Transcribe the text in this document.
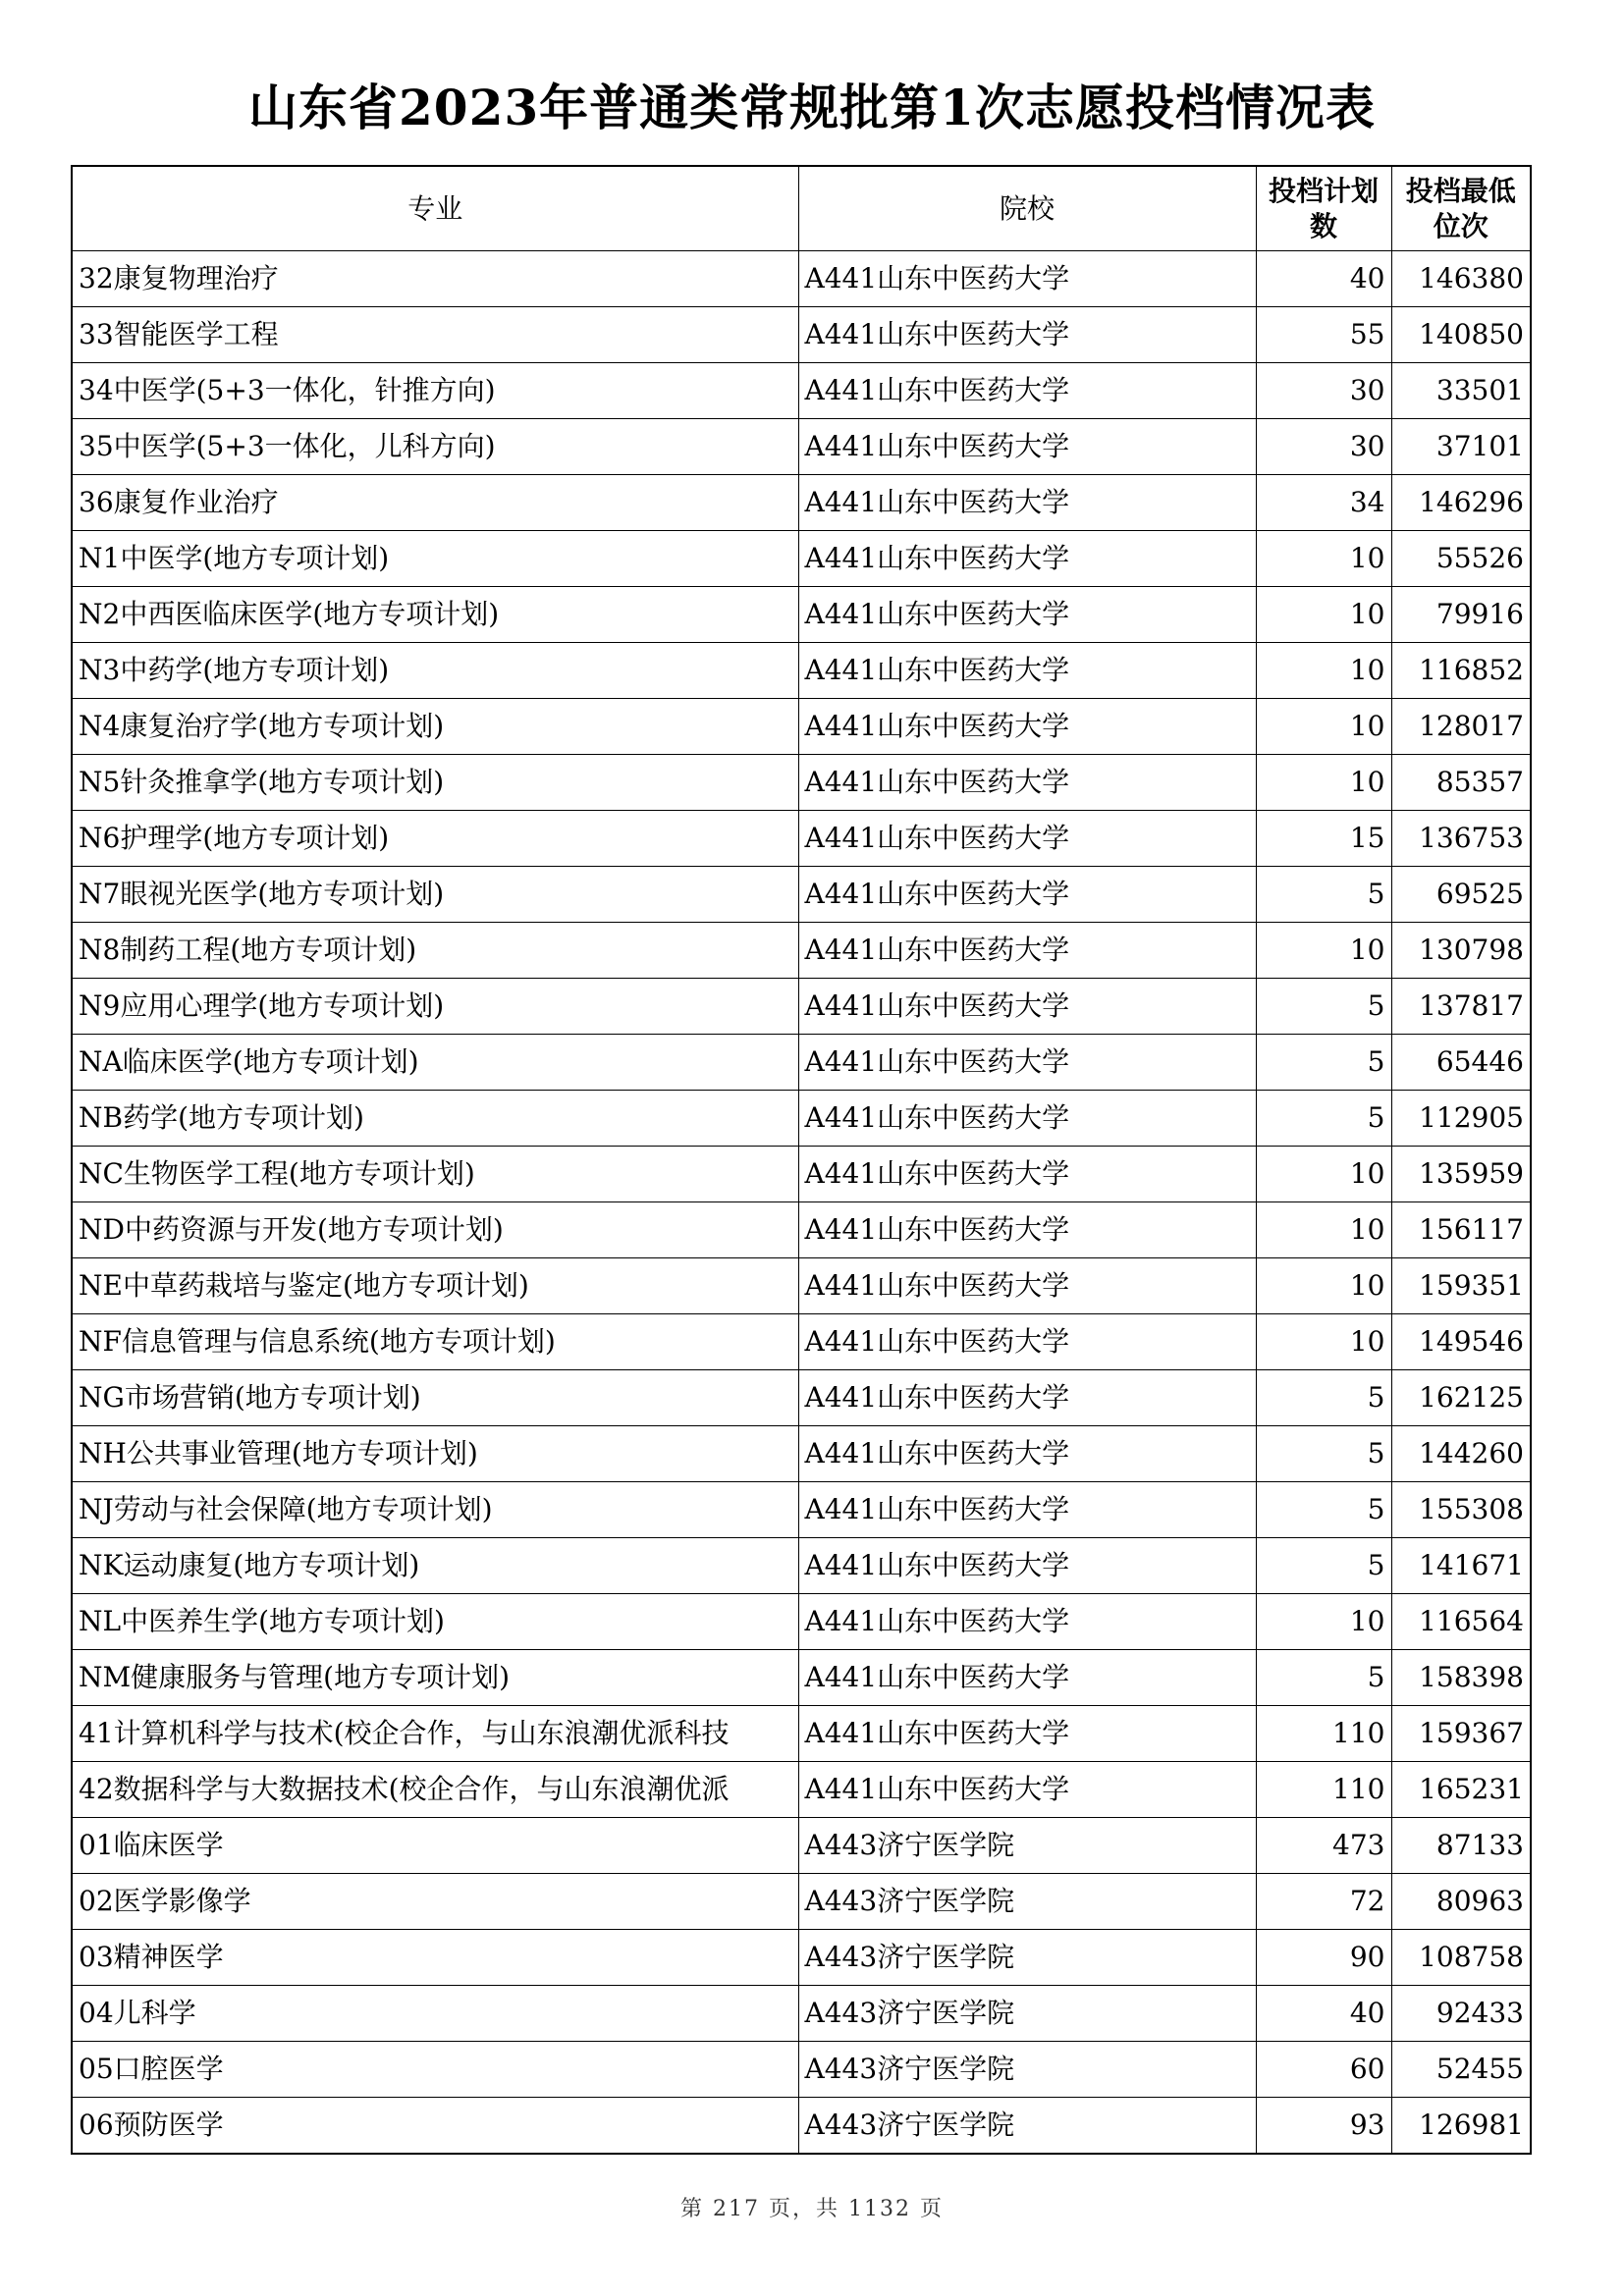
山东省2023年普通类常规批第1次志愿投档情况表
专业	院校	投档计划数	投档最低位次
32康复物理治疗	A441山东中医药大学	40	146380
33智能医学工程	A441山东中医药大学	55	140850
34中医学(5+3一体化，针推方向)	A441山东中医药大学	30	33501
35中医学(5+3一体化，儿科方向)	A441山东中医药大学	30	37101
36康复作业治疗	A441山东中医药大学	34	146296
N1中医学(地方专项计划)	A441山东中医药大学	10	55526
N2中西医临床医学(地方专项计划)	A441山东中医药大学	10	79916
N3中药学(地方专项计划)	A441山东中医药大学	10	116852
N4康复治疗学(地方专项计划)	A441山东中医药大学	10	128017
N5针灸推拿学(地方专项计划)	A441山东中医药大学	10	85357
N6护理学(地方专项计划)	A441山东中医药大学	15	136753
N7眼视光医学(地方专项计划)	A441山东中医药大学	5	69525
N8制药工程(地方专项计划)	A441山东中医药大学	10	130798
N9应用心理学(地方专项计划)	A441山东中医药大学	5	137817
NA临床医学(地方专项计划)	A441山东中医药大学	5	65446
NB药学(地方专项计划)	A441山东中医药大学	5	112905
NC生物医学工程(地方专项计划)	A441山东中医药大学	10	135959
ND中药资源与开发(地方专项计划)	A441山东中医药大学	10	156117
NE中草药栽培与鉴定(地方专项计划)	A441山东中医药大学	10	159351
NF信息管理与信息系统(地方专项计划)	A441山东中医药大学	10	149546
NG市场营销(地方专项计划)	A441山东中医药大学	5	162125
NH公共事业管理(地方专项计划)	A441山东中医药大学	5	144260
NJ劳动与社会保障(地方专项计划)	A441山东中医药大学	5	155308
NK运动康复(地方专项计划)	A441山东中医药大学	5	141671
NL中医养生学(地方专项计划)	A441山东中医药大学	10	116564
NM健康服务与管理(地方专项计划)	A441山东中医药大学	5	158398
41计算机科学与技术(校企合作，与山东浪潮优派科技	A441山东中医药大学	110	159367
42数据科学与大数据技术(校企合作，与山东浪潮优派	A441山东中医药大学	110	165231
01临床医学	A443济宁医学院	473	87133
02医学影像学	A443济宁医学院	72	80963
03精神医学	A443济宁医学院	90	108758
04儿科学	A443济宁医学院	40	92433
05口腔医学	A443济宁医学院	60	52455
06预防医学	A443济宁医学院	93	126981
第 217 页，共 1132 页
